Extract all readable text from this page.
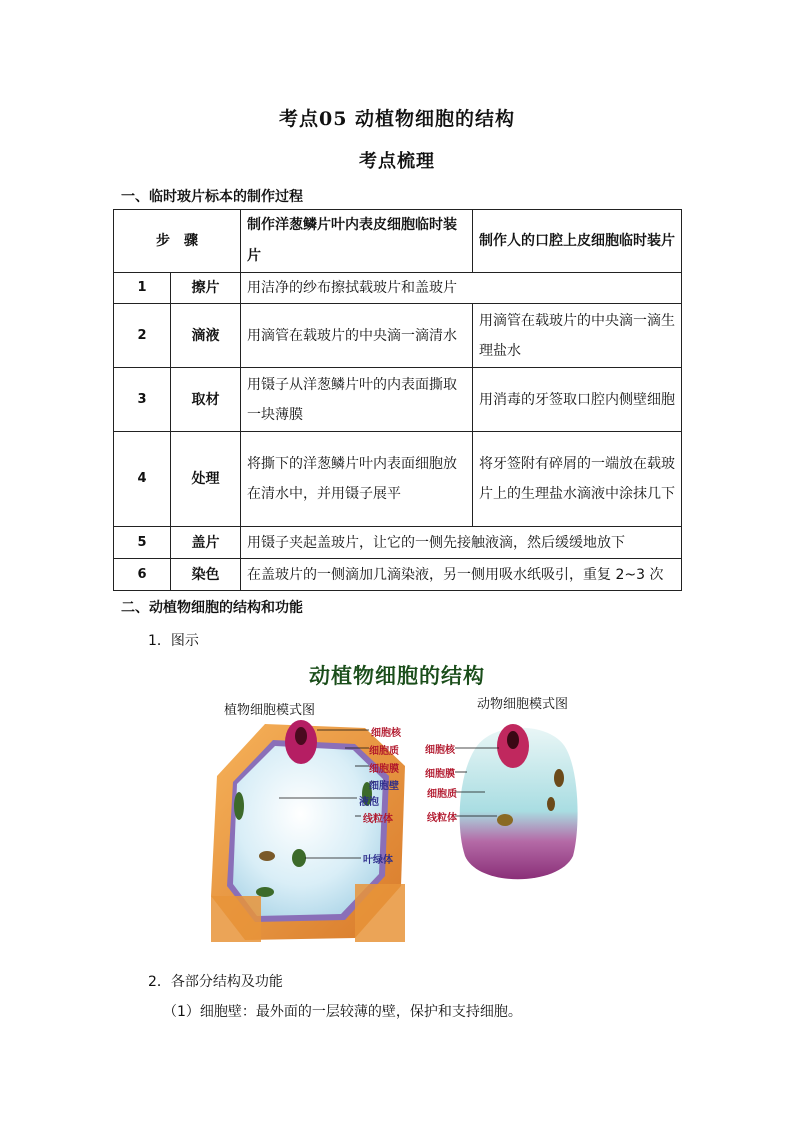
考点05 动植物细胞的结构
考点梳理
一、临时玻片标本的制作过程
步　骤		制作洋葱鳞片叶内表皮细胞临时装片	制作人的口腔上皮细胞临时装片
1	擦片	用洁净的纱布擦拭载玻片和盖玻片	
2	滴液	用滴管在载玻片的中央滴一滴清水	用滴管在载玻片的中央滴一滴生理盐水
3	取材	用镊子从洋葱鳞片叶的内表面撕取一块薄膜	用消毒的牙签取口腔内侧壁细胞
4	处理	将撕下的洋葱鳞片叶内表面细胞放在清水中，并用镊子展平	将牙签附有碎屑的一端放在载玻片上的生理盐水滴液中涂抹几下
5	盖片	用镊子夹起盖玻片，让它的一侧先接触液滴，然后缓缓地放下	
6	染色	在盖玻片的一侧滴加几滴染液，另一侧用吸水纸吸引，重复 2~3 次	
二、动植物细胞的结构和功能
1．图示
动植物细胞的结构
植物细胞模式图	动物细胞模式图
细胞核
细胞质
细胞膜
细胞壁
液泡
线粒体
叶绿体
细胞核
细胞膜
细胞质
线粒体
2．各部分结构及功能
（1）细胞壁：最外面的一层较薄的壁，保护和支持细胞。
